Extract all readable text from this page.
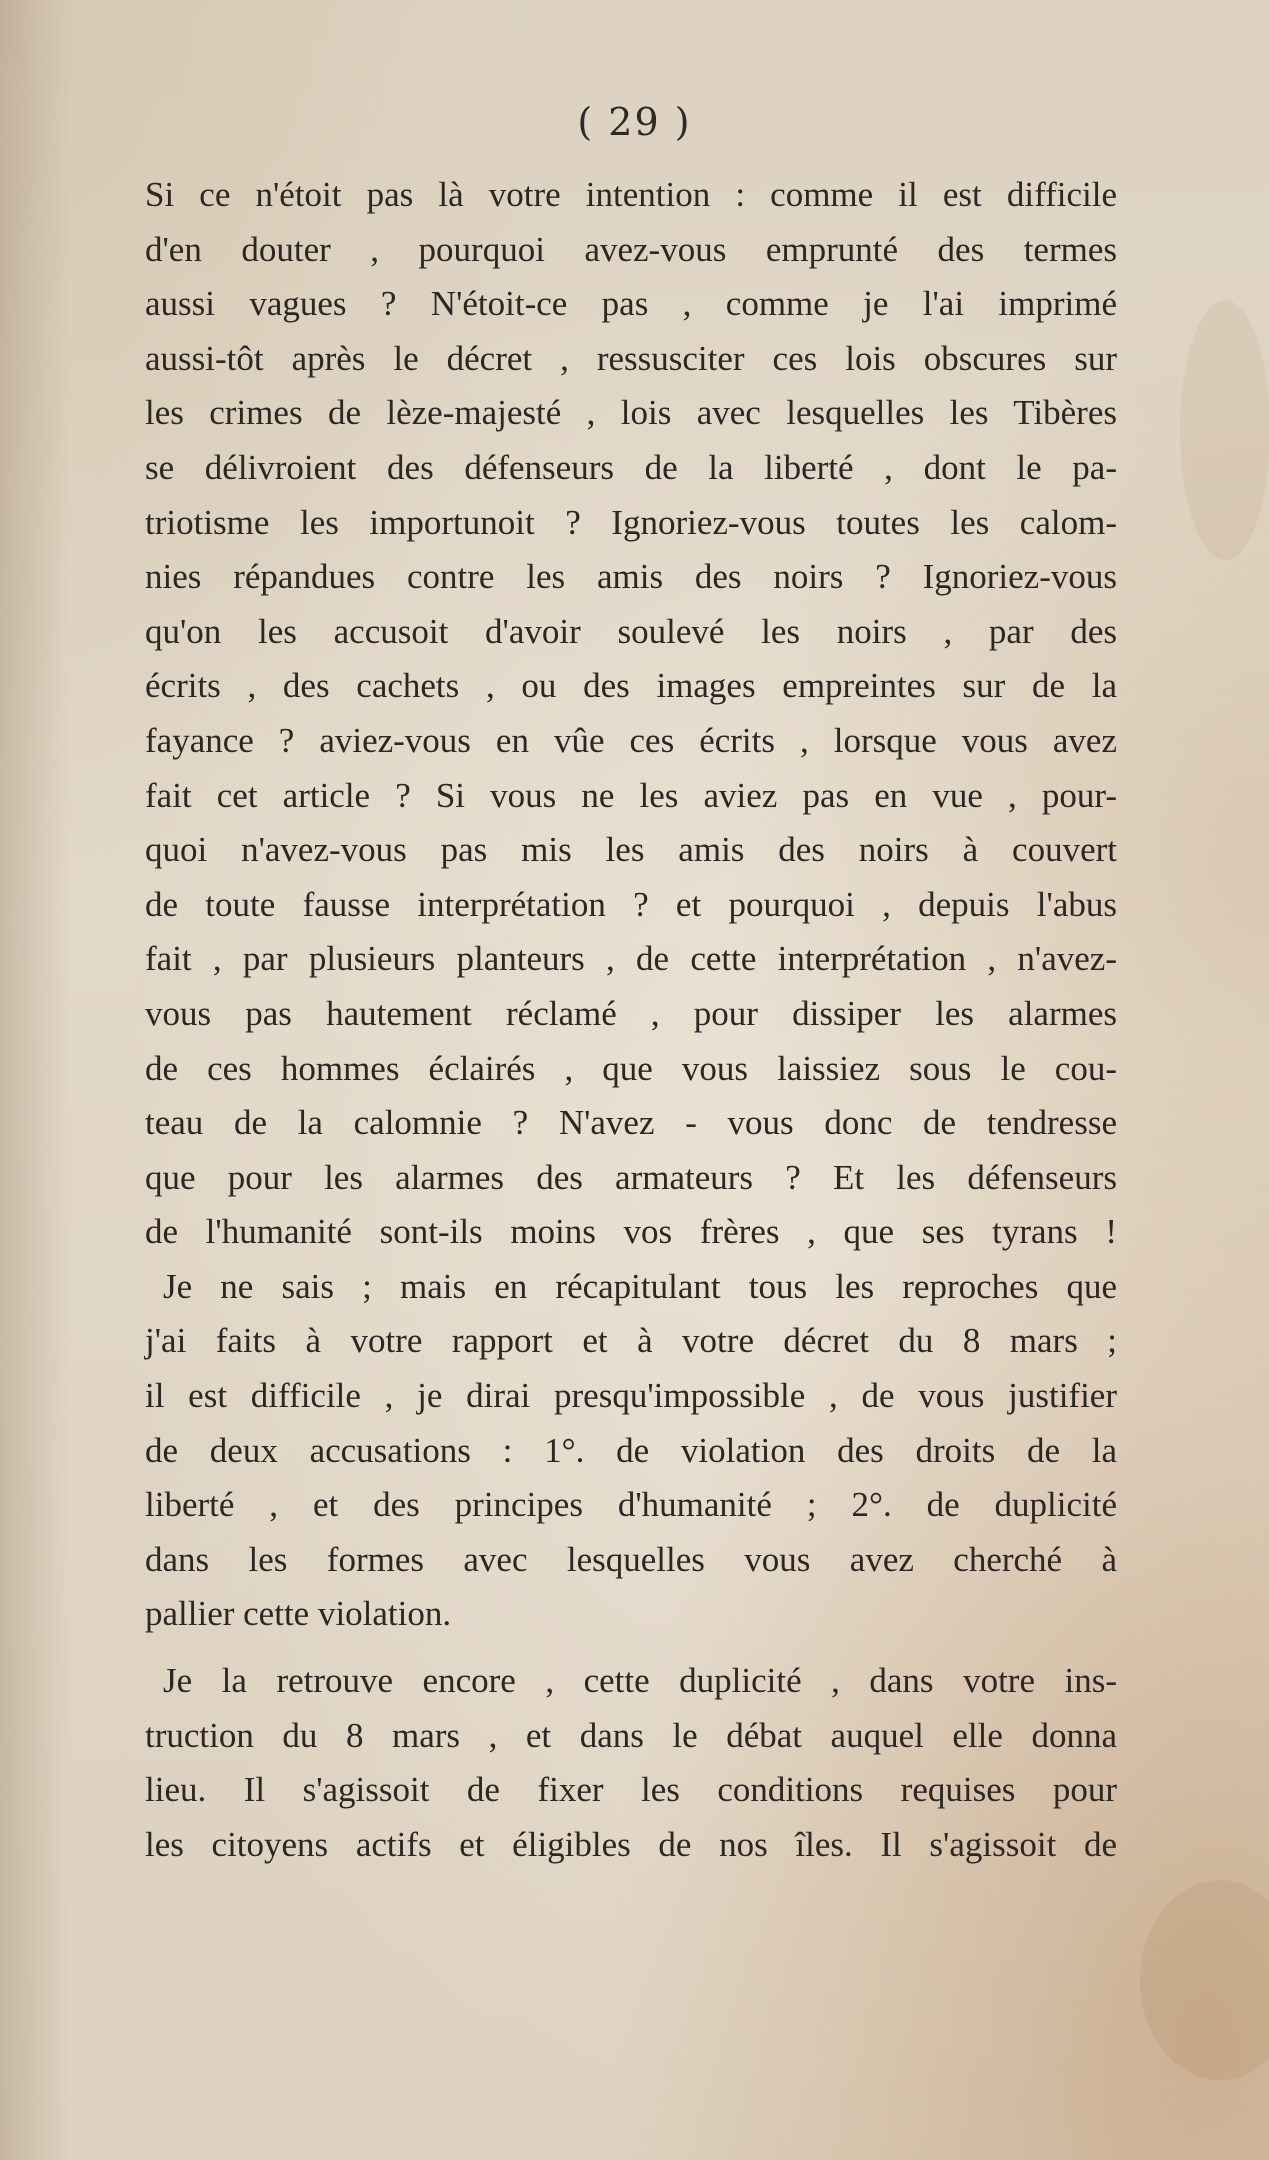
( 29 )
Si ce n'étoit pas là votre intention : comme il est difficile
d'en douter , pourquoi avez-vous emprunté des termes
aussi vagues ? N'étoit-ce pas , comme je l'ai imprimé
aussi-tôt après le décret , ressusciter ces lois obscures sur
les crimes de lèze-majesté , lois avec lesquelles les Tibères
se délivroient des défenseurs de la liberté , dont le pa-
triotisme les importunoit ? Ignoriez-vous toutes les calom-
nies répandues contre les amis des noirs ? Ignoriez-vous
qu'on les accusoit d'avoir soulevé les noirs , par des
écrits , des cachets , ou des images empreintes sur de la
fayance ? aviez-vous en vûe ces écrits , lorsque vous avez
fait cet article ? Si vous ne les aviez pas en vue , pour-
quoi n'avez-vous pas mis les amis des noirs à couvert
de toute fausse interprétation ? et pourquoi , depuis l'abus
fait , par plusieurs planteurs , de cette interprétation , n'avez-
vous pas hautement réclamé , pour dissiper les alarmes
de ces hommes éclairés , que vous laissiez sous le cou-
teau de la calomnie ? N'avez - vous donc de tendresse
que pour les alarmes des armateurs ? Et les défenseurs
de l'humanité sont-ils moins vos frères , que ses tyrans !
Je ne sais ; mais en récapitulant tous les reproches que
j'ai faits à votre rapport et à votre décret du 8 mars ;
il est difficile , je dirai presqu'impossible , de vous justifier
de deux accusations : 1°. de violation des droits de la
liberté , et des principes d'humanité ; 2°. de duplicité
dans les formes avec lesquelles vous avez cherché à
pallier cette violation.
Je la retrouve encore , cette duplicité , dans votre ins-
truction du 8 mars , et dans le débat auquel elle donna
lieu. Il s'agissoit de fixer les conditions requises pour
les citoyens actifs et éligibles de nos îles. Il s'agissoit de
